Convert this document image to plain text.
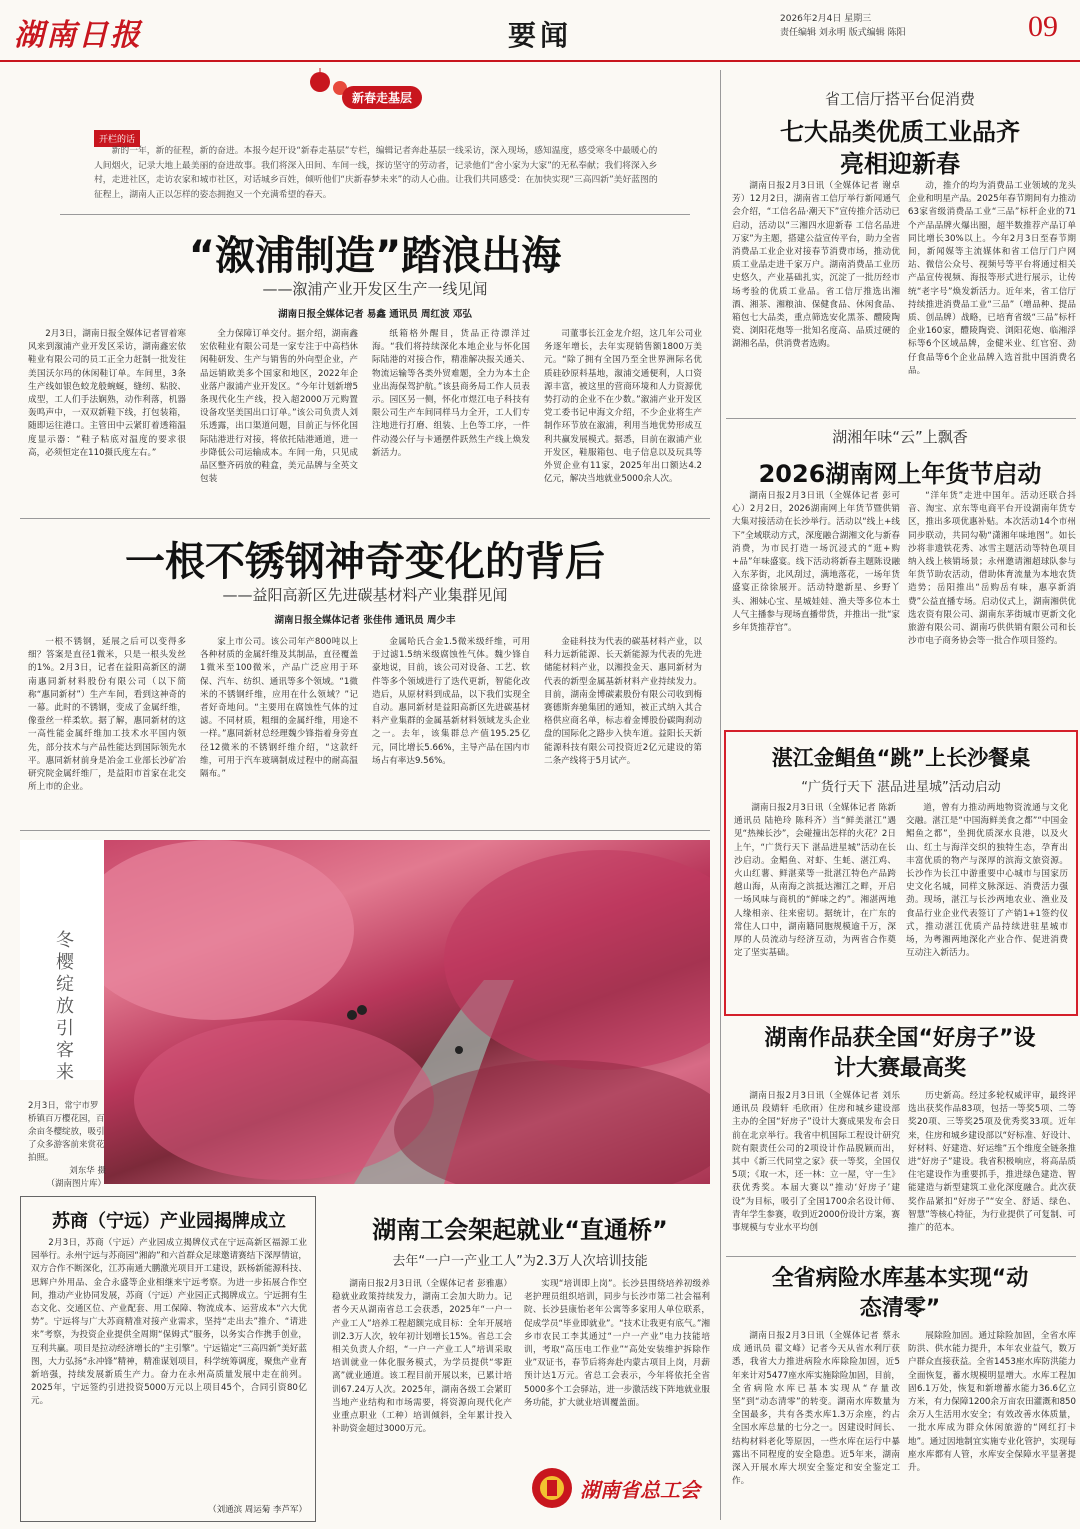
湖南日报	要闻	2026年2月4日 星期三
责任编辑 刘永明 版式编辑 陈阳	09
新春走基层
开栏的话
新的一年，新的征程，新的奋进。本报今起开设“新春走基层”专栏，编辑记者奔赴基层一线采访，深入现场，感知温度，感受寒冬中最暖心的人间烟火，记录大地上最美丽的奋进故事。我们将深入田间、车间一线，探访坚守的劳动者，记录他们“舍小家为大家”的无私奉献；我们将深入乡村，走进社区，走访农家和城市社区，对话城乡百姓，倾听他们“庆新春梦未来”的动人心曲。让我们共同感受：在加快实现“三高四新”美好蓝图的征程上，湖南人正以怎样的姿态拥抱又一个充满希望的春天。
“溆浦制造”踏浪出海
——溆浦产业开发区生产一线见闻
湖南日报全媒体记者 易鑫 通讯员 周红波 邓弘

2月3日，湖南日报全媒体记者冒着寒风来到溆浦产业开发区采访，湖南鑫宏依鞋业有限公司的员工正全力赶制一批发往美国沃尔玛的休闲鞋订单。车间里，3条生产线如银色蛟龙般蜿蜒，缝纫、粘胶、成型，工人们手法娴熟，动作利落，机器轰鸣声中，一双双新鞋下线，打包装箱，随即运往港口。主管田中云紧盯着透箱温度显示器：“鞋子粘底对温度的要求很高，必须恒定在110摄氏度左右。”

全力保障订单交付。据介绍，湖南鑫宏依鞋业有限公司是一家专注于中高档休闲鞋研发、生产与销售的外向型企业，产品远销欧美多个国家和地区，2022年企业落户溆浦产业开发区。“今年计划新增5条现代化生产线，投入超2000万元购置设备攻坚美国出口订单。”该公司负责人刘乐透露，出口渠道问题，目前正与怀化国际陆港进行对接，将依托陆港通道，进一步降低公司运输成本。车间一角，只见成品区整齐码放的鞋盒，美元品牌与全英文包装

纸箱格外醒目，货品正待漂洋过海。“我们将持续深化本地企业与怀化国际陆港的对接合作，精准解决报关通关、物流运输等各类外贸难题，全力为本土企业出海保驾护航。”该县商务局工作人员表示。园区另一侧，怀化市煜江电子科技有限公司生产车间同样马力全开，工人们专注地进行打磨、组装、上色等工序，一件件动漫公仔与卡通摆件跃然生产线上焕发新活力。

司董事长江金龙介绍，这几年公司业务逐年增长，去年实现销售额1800万美元。“除了拥有全国乃至全世界洲际名优质硅砂原料基地，溆浦交通便利，人口资源丰富，被这里的营商环境和人力资源优势打动的企业不在少数。”溆浦产业开发区党工委书记申海文介绍，不少企业将生产制作环节放在溆浦，利用当地优势形成互利共赢发展模式。据悉，目前在溆浦产业开发区，鞋服箱包、电子信息以及玩具等外贸企业有11家，2025年出口额达4.2亿元，解决当地就业5000余人次。

一根不锈钢神奇变化的背后
——益阳高新区先进碳基材料产业集群见闻
湖南日报全媒体记者 张佳伟 通讯员 周少丰

一根不锈钢，延展之后可以变得多细？答案是直径1微米，只是一根头发丝的1%。2月3日，记者在益阳高新区的湖南惠同新材料股份有限公司（以下简称“惠同新材”）生产车间，看到这神奇的一幕。此时的不锈钢，变成了金属纤维，像蚕丝一样柔软。据了解，惠同新材的这一高性能金属纤维加工技术水平国内领先，部分技术与产品性能达到国际领先水平。惠同新材前身是冶金工业部长沙矿冶研究院金属纤维厂，是益阳市首家在北交所上市的企业。

家上市公司。该公司年产800吨以上各种材质的金属纤维及其制品，直径覆盖1微米至100微米，产品广泛应用于环保、汽车、纺织、通讯等多个领域。“1微米的不锈钢纤维，应用在什么领域？”记者好奇地问。“主要用在腐蚀性气体的过滤。不同材质，粗细的金属纤维，用途不一样。”惠同新材总经理魏少锋指着身旁直径12微米的不锈钢纤维介绍，“这款纤维，可用于汽车玻璃制成过程中的耐高温隔布。”

金属哈氏合金1.5微米级纤维，可用于过滤1.5纳米级腐蚀性气体。魏少锋自豪地说，目前，该公司对设备、工艺、软件等多个领域进行了迭代更新，智能化改造后，从原材料到成品，以下我们实现全自动。惠同新材是益阳高新区先进碳基材料产业集群的金属基新材料领域龙头企业之一。去年，该集群总产值195.25亿元，同比增长5.66%，主导产品在国内市场占有率达9.56%。

金硅科技为代表的碳基材料产业，以科力远新能源、长天新能源为代表的先进储能材料产业，以湘投金天、惠同新材为代表的新型金属基新材料产业持续发力。目前，湖南金博碳素股份有限公司收到梅赛德斯奔驰集团的通知，被正式纳入其合格供应商名单，标志着金博股份碳陶刹动盘的国际化之路步入快车道。益阳长天新能源科技有限公司投资近2亿元建设的第二条产线将于5月试产。

冬樱绽放引客来
2月3日，常宁市罗桥镇百万樱花园，百余亩冬樱绽放，吸引了众多游客前来赏花拍照。
刘东华 摄
（湖南图片库）
苏商（宁远）产业园揭牌成立

2月3日，苏商（宁远）产业园成立揭牌仪式在宁远高新区福源工业园举行。永州宁远与苏商园“湘韵”和六首群众足球邀请赛结下深厚情谊，双方合作不断深化，江苏南通大鹏激光项目开工建设，跃杨新能源科技、思辉户外用品、金合永盛等企业相继来宁远考察。为进一步拓展合作空间，推动产业协同发展，苏商（宁远）产业园正式揭牌成立。宁远拥有生态文化、交通区位、产业配套、用工保障、物流成本、运营成本“六大优势”。宁远将与广大苏商精准对接产业需求，坚持“走出去”推介、“请进来”考察，为投资企业提供全周期“保姆式”服务，以务实合作携手创业，互利共赢。项目是拉动经济增长的“主引擎”。宁远锚定“三高四新”美好蓝图，大力弘扬“永冲锋”精神，精准谋划项目，科学统筹调度，聚焦产业育新培强，持续发展新质生产力。奋力在永州高质量发展中走在前列。2025年，宁远签约引进投资5000万元以上项目45个，合同引资80亿元。

（刘通滨 周运菊 李芦军）
湖南工会架起就业“直通桥”
去年“一户一产业工人”为2.3万人次培训技能

湖南日报2月3日讯（全媒体记者 彭雅惠）稳就业政策持续发力，湖南工会加大助力。记者今天从湖南省总工会获悉，2025年“一户一产业工人”培养工程超额完成目标：全年开展培训2.3万人次，较年初计划增长15%。省总工会相关负责人介绍，“一户一产业工人”培训采取培训就业一体化服务模式，为学员提供“零距离”就业通道。该工程目前开展以来，已累计培训67.24万人次。2025年，湖南各级工会紧盯当地产业结构和市场需要，将资源向现代化产业重点职业（工种）培训倾斜，全年累计投入补助资金超过3000万元。

实现“培训即上岗”。长沙县围绕培养初级养老护理员组织培训，同步与长沙市第二社会福利院、长沙县康怡老年公寓等多家用人单位联系，促成学员“毕业即就业”。“技术让我更有底气。”湘乡市农民工李其通过“一户一产业”电力技能培训，考取“高压电工作业”“高处安装维护拆除作业”双证书，春节后将奔赴内蒙古项目上岗，月薪预计达1万元。省总工会表示，今年将依托全省5000多个工会驿站，进一步激活线下阵地就业服务功能，扩大就业培训覆盖面。

湖南省总工会
省工信厅搭平台促消费
七大品类优质工业品齐亮相迎新春

湖南日报2月3日讯（全媒体记者 谢卓芳）12月2日，湖南省工信厅举行新闻通气会介绍，“工信名品·潮天下”宣传推介活动已启动，活动以“三湘四水迎新春 工信名品进万家”为主题，搭建公益宣传平台，助力全省消费品工业企业对接春节消费市场，推动优质工业品走进千家万户。湖南消费品工业历史悠久，产业基础扎实，沉淀了一批历经市场考验的优质工业品。省工信厅推选出湘酒、湘茶、湘粮油、保健食品、休闲食品、箱包七大品类，重点筛选安化黑茶、醴陵陶瓷、浏阳花炮等一批知名度高、品质过硬的湖湘名品，供消费者选购。

动，推介的均为消费品工业领域的龙头企业和明星产品。2025年春节期间有力推动63家省级消费品工业“三品”标杆企业的71个产品品牌火爆出圈，超半数推荐产品订单同比增长30%以上。今年2月3日至春节期间，新闻媒等主流媒体和省工信厅门户网站、微信公众号、视频号等平台将通过相关产品宣传视频、海报等形式进行展示，让传统“老字号”焕发新活力。近年来，省工信厅持续推进消费品工业“三品”（增品种、提品质、创品牌）战略，已培育省级“三品”标杆企业160家，醴陵陶瓷、浏阳花炮、临湘浮标等6个区域品牌，金健米业、红官窑、劲仔食品等6个企业品牌入选首批中国消费名品。

湖湘年味“云”上飘香
2026湖南网上年货节启动

湖南日报2月3日讯（全媒体记者 彭可心）2月2日，2026湖南网上年货节暨供销大集对接活动在长沙举行。活动以“线上+线下”全域联动方式，深度融合湖湘文化与新春消费，为市民打造一场沉浸式的“逛+购+品”年味盛宴。线下活动将新春主题陈设融入东茅街，北风刮过，满地落花，一场年货盛宴正徐徐展开。活动特邀新星、乡野丫头、湘妹心宝、星城娃娃、渔夫等多位本土人气主播参与现场直播带货，并推出一批“家乡年货推荐官”。

“洋年货”走进中国年。活动还联合抖音、淘宝、京东等电商平台开设湖南年货专区，推出多项优惠补贴。本次活动14个市州同步联动，共同勾勒“潇湘年味地图”。如长沙将非遗铁花秀、冰雪主题活动等特色项目纳入线上核销场景；永州邀请湘超球队参与年货节助农活动，借助体育流量为本地农货造势；岳阳推出“岳购岳有味，惠享新消费”公益直播专场。启动仪式上，湖南湘供优选农资有限公司、湖南东茅街城市更新文化旅游有限公司、湖南巧供供销有限公司和长沙市电子商务协会等一批合作项目签约。

湛江金鲳鱼“跳”上长沙餐桌
“广货行天下 湛品进星城”活动启动

湖南日报2月3日讯（全媒体记者 陈新 通讯员 陆艳玲 陈科齐）当“鲜美湛江”遇见“热辣长沙”，会碰撞出怎样的火花？2日上午，“广货行天下 湛品进星城”活动在长沙启动。金鲳鱼、对虾、生蚝、湛江鸡、火山红薯、鲜湛菜等一批湛江特色产品跨越山海，从南海之滨抵达湘江之畔，开启一场风味与商机的“鲜味之约”。湘湛两地人缘相亲、往来密切。据统计，在广东的常住人口中，湖南籍同胞规模逾千万，深厚的人员流动与经济互动，为两省合作奠定了坚实基础。

道，曾有力推动两地物资流通与文化交融。湛江是“中国海鲜美食之都”“中国金鲳鱼之都”，坐拥优质深水良港，以及火山、红土与海洋交织的独特生态，孕育出丰富优质的物产与深厚的滨海文旅资源。长沙作为长江中游重要中心城市与国家历史文化名城，同样文脉深远、消费活力强劲。现场，湛江与长沙两地农业、渔业及食品行业企业代表签订了产销1+1签约仪式，推动湛江优质产品持续进驻星城市场，为粤湘两地深化产业合作、促进消费互动注入新活力。

湖南作品获全国“好房子”设计大赛最高奖

湖南日报2月3日讯（全媒体记者 刘乐 通讯员 段婧轩 毛欣雨）住房和城乡建设部主办的全国“好房子”设计大赛成果发布会日前在北京举行。我省中机国际工程设计研究院有限责任公司的2项设计作品脱颖而出，其中《新三代同堂之家》获一等奖，全国仅5项；《取一木，还一林：立一屋，守一生》获优秀奖。本届大赛以“推动‘好房子’建设”为目标，吸引了全国1700余名设计师、青年学生参赛，收到近2000份设计方案，赛事规模与专业水平均创

历史新高。经过多轮权威评审，最终评选出获奖作品83项，包括一等奖5项、二等奖20项、三等奖25项及优秀奖33项。近年来，住房和城乡建设部以“好标准、好设计、好材料、好建造、好运维”五个维度全链条推进“好房子”建设。我省积极响应，将高品质住宅建设作为重要抓手，推进绿色建造、智能建造与新型建筑工业化深度融合。此次获奖作品紧扣“好房子”“安全、舒适、绿色、智慧”等核心特征，为行业提供了可复制、可推广的范本。

全省病险水库基本实现“动态清零”

湖南日报2月3日讯（全媒体记者 蔡永成 通讯员 翟文峰）记者今天从省水利厅获悉，我省大力推进病险水库除险加固，近5年来计对5477座水库实施除险加固，目前，全省病险水库已基本实现从“存量改坚”到“动态清零”的转变。湖南水库数量为全国最多，共有各类水库1.3万余座，约占全国水库总量的七分之一。因建设时间长、结构材料老化等原因，一些水库在运行中暴露出不同程度的安全隐患。近5年来，湖南深入开展水库大坝安全鉴定和安全鉴定工作。

展除险加固。通过除险加固，全省水库防洪、供水能力提升，本年农业益气，数万户群众直接获益。全省1453座水库防洪能力全面恢复，蓄水规模明显增大。水库工程加固6.1万处，恢复和新增蓄水能力36.6亿立方米，有力保障1200余万亩农田灌溉和850余万人生活用水安全；有效改善水体质量，一批水库成为群众休闲旅游的“网红打卡地”。通过因地制宜实施专业化管护，实现每座水库都有人管，水库安全保障水平显著提升。
